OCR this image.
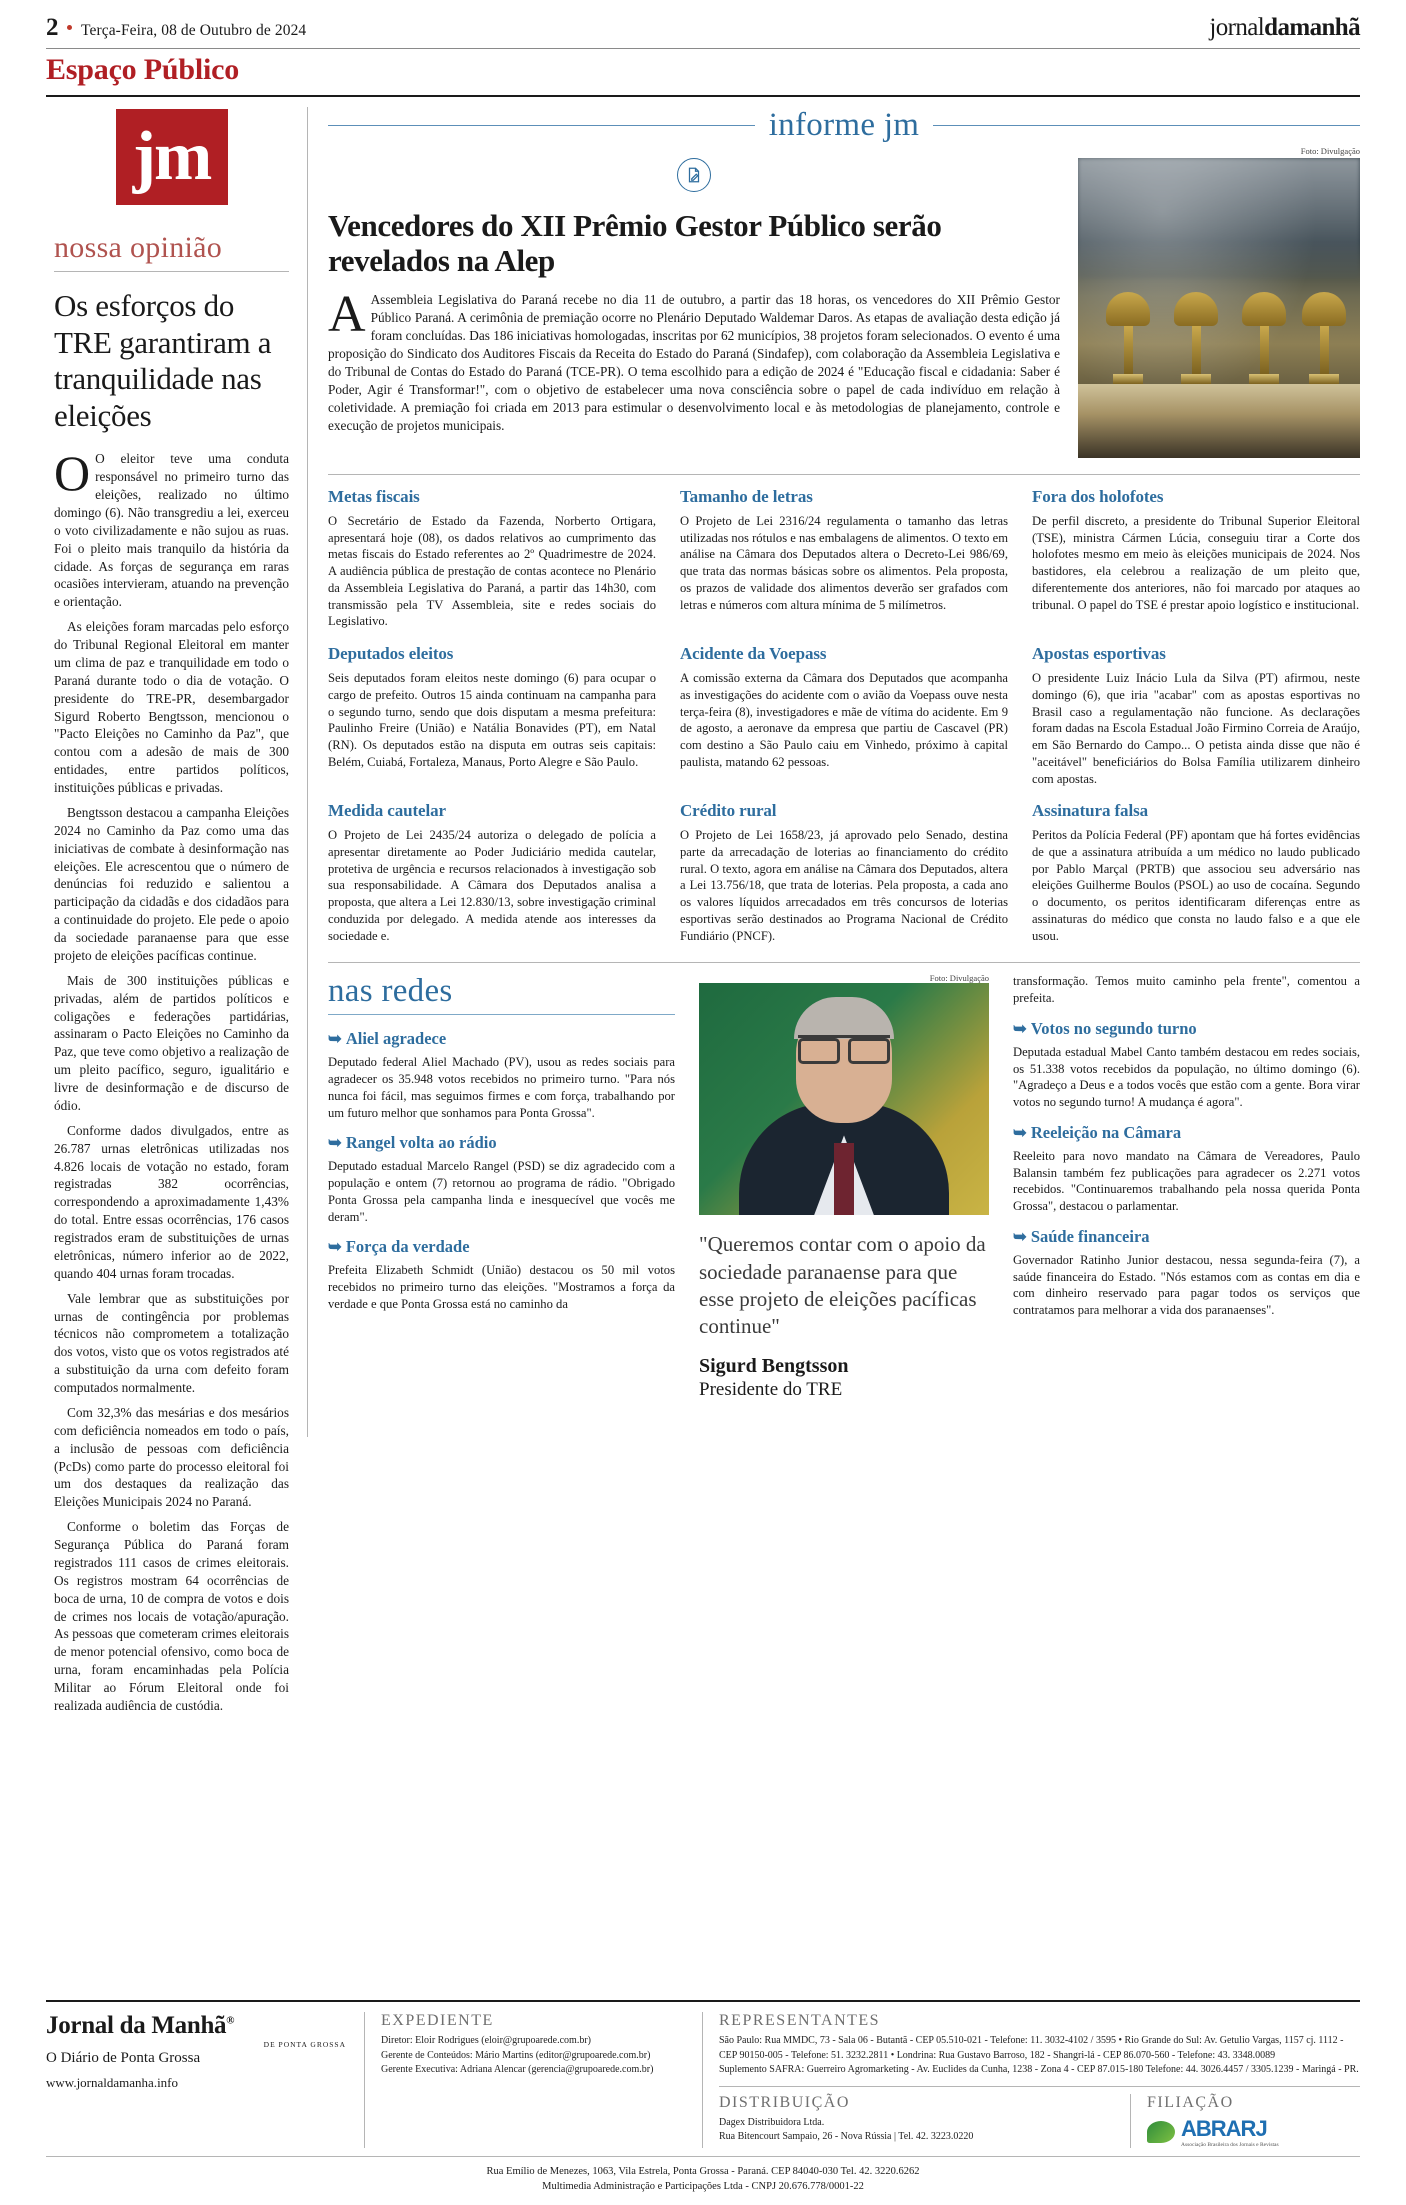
2 Terça-Feira, 08 de Outubro de 2024	jornaldamanhã
Espaço Público
jm
nossa opinião
Os esforços do TRE garantiram a tranquilidade nas eleições

O O eleitor teve uma conduta responsável no primeiro turno das eleições, realizado no último domingo (6). Não transgrediu a lei, exerceu o voto civilizadamente e não sujou as ruas. Foi o pleito mais tranquilo da história da cidade. As forças de segurança em raras ocasiões intervieram, atuando na prevenção e orientação.

As eleições foram marcadas pelo esforço do Tribunal Regional Eleitoral em manter um clima de paz e tranquilidade em todo o Paraná durante todo o dia de votação. O presidente do TRE-PR, desembargador Sigurd Roberto Bengtsson, mencionou o "Pacto Eleições no Caminho da Paz", que contou com a adesão de mais de 300 entidades, entre partidos políticos, instituições públicas e privadas.

Bengtsson destacou a campanha Eleições 2024 no Caminho da Paz como uma das iniciativas de combate à desinformação nas eleições. Ele acrescentou que o número de denúncias foi reduzido e salientou a participação da cidadãs e dos cidadãos para a continuidade do projeto. Ele pede o apoio da sociedade paranaense para que esse projeto de eleições pacíficas continue.

Mais de 300 instituições públicas e privadas, além de partidos políticos e coligações e federações partidárias, assinaram o Pacto Eleições no Caminho da Paz, que teve como objetivo a realização de um pleito pacífico, seguro, igualitário e livre de desinformação e de discurso de ódio.

Conforme dados divulgados, entre as 26.787 urnas eletrônicas utilizadas nos 4.826 locais de votação no estado, foram registradas 382 ocorrências, correspondendo a aproximadamente 1,43% do total. Entre essas ocorrências, 176 casos registrados eram de substituições de urnas eletrônicas, número inferior ao de 2022, quando 404 urnas foram trocadas.

Vale lembrar que as substituições por urnas de contingência por problemas técnicos não comprometem a totalização dos votos, visto que os votos registrados até a substituição da urna com defeito foram computados normalmente.

Com 32,3% das mesárias e dos mesários com deficiência nomeados em todo o país, a inclusão de pessoas com deficiência (PcDs) como parte do processo eleitoral foi um dos destaques da realização das Eleições Municipais 2024 no Paraná.

Conforme o boletim das Forças de Segurança Pública do Paraná foram registrados 111 casos de crimes eleitorais. Os registros mostram 64 ocorrências de boca de urna, 10 de compra de votos e dois de crimes nos locais de votação/apuração. As pessoas que cometeram crimes eleitorais de menor potencial ofensivo, como boca de urna, foram encaminhadas pela Polícia Militar ao Fórum Eleitoral onde foi realizada audiência de custódia.

informe jm
Vencedores do XII Prêmio Gestor Público serão revelados na Alep
A Assembleia Legislativa do Paraná recebe no dia 11 de outubro, a partir das 18 horas, os vencedores do XII Prêmio Gestor Público Paraná. A cerimônia de premiação ocorre no Plenário Deputado Waldemar Daros. As etapas de avaliação desta edição já foram concluídas. Das 186 iniciativas homologadas, inscritas por 62 municípios, 38 projetos foram selecionados. O evento é uma proposição do Sindicato dos Auditores Fiscais da Receita do Estado do Paraná (Sindafep), com colaboração da Assembleia Legislativa e do Tribunal de Contas do Estado do Paraná (TCE-PR). O tema escolhido para a edição de 2024 é "Educação fiscal e cidadania: Saber é Poder, Agir é Transformar!", com o objetivo de estabelecer uma nova consciência sobre o papel de cada indivíduo em relação à coletividade. A premiação foi criada em 2013 para estimular o desenvolvimento local e às metodologias de planejamento, controle e execução de projetos municipais.
Foto: Divulgação
Metas fiscais

O Secretário de Estado da Fazenda, Norberto Ortigara, apresentará hoje (08), os dados relativos ao cumprimento das metas fiscais do Estado referentes ao 2º Quadrimestre de 2024. A audiência pública de prestação de contas acontece no Plenário da Assembleia Legislativa do Paraná, a partir das 14h30, com transmissão pela TV Assembleia, site e redes sociais do Legislativo.

Tamanho de letras

O Projeto de Lei 2316/24 regulamenta o tamanho das letras utilizadas nos rótulos e nas embalagens de alimentos. O texto em análise na Câmara dos Deputados altera o Decreto-Lei 986/69, que trata das normas básicas sobre os alimentos. Pela proposta, os prazos de validade dos alimentos deverão ser grafados com letras e números com altura mínima de 5 milímetros.

Fora dos holofotes

De perfil discreto, a presidente do Tribunal Superior Eleitoral (TSE), ministra Cármen Lúcia, conseguiu tirar a Corte dos holofotes mesmo em meio às eleições municipais de 2024. Nos bastidores, ela celebrou a realização de um pleito que, diferentemente dos anteriores, não foi marcado por ataques ao tribunal. O papel do TSE é prestar apoio logístico e institucional.

Deputados eleitos

Seis deputados foram eleitos neste domingo (6) para ocupar o cargo de prefeito. Outros 15 ainda continuam na campanha para o segundo turno, sendo que dois disputam a mesma prefeitura: Paulinho Freire (União) e Natália Bonavides (PT), em Natal (RN). Os deputados estão na disputa em outras seis capitais: Belém, Cuiabá, Fortaleza, Manaus, Porto Alegre e São Paulo.

Acidente da Voepass

A comissão externa da Câmara dos Deputados que acompanha as investigações do acidente com o avião da Voepass ouve nesta terça-feira (8), investigadores e mãe de vítima do acidente. Em 9 de agosto, a aeronave da empresa que partiu de Cascavel (PR) com destino a São Paulo caiu em Vinhedo, próximo à capital paulista, matando 62 pessoas.

Apostas esportivas

O presidente Luiz Inácio Lula da Silva (PT) afirmou, neste domingo (6), que iria "acabar" com as apostas esportivas no Brasil caso a regulamentação não funcione. As declarações foram dadas na Escola Estadual João Firmino Correia de Araújo, em São Bernardo do Campo... O petista ainda disse que não é "aceitável" beneficiários do Bolsa Família utilizarem dinheiro com apostas.

Medida cautelar

O Projeto de Lei 2435/24 autoriza o delegado de polícia a apresentar diretamente ao Poder Judiciário medida cautelar, protetiva de urgência e recursos relacionados à investigação sob sua responsabilidade. A Câmara dos Deputados analisa a proposta, que altera a Lei 12.830/13, sobre investigação criminal conduzida por delegado. A medida atende aos interesses da sociedade e.

Crédito rural

O Projeto de Lei 1658/23, já aprovado pelo Senado, destina parte da arrecadação de loterias ao financiamento do crédito rural. O texto, agora em análise na Câmara dos Deputados, altera a Lei 13.756/18, que trata de loterias. Pela proposta, a cada ano os valores líquidos arrecadados em três concursos de loterias esportivas serão destinados ao Programa Nacional de Crédito Fundiário (PNCF).

Assinatura falsa

Peritos da Polícia Federal (PF) apontam que há fortes evidências de que a assinatura atribuída a um médico no laudo publicado por Pablo Marçal (PRTB) que associou seu adversário nas eleições Guilherme Boulos (PSOL) ao uso de cocaína. Segundo o documento, os peritos identificaram diferenças entre as assinaturas do médico que consta no laudo falso e a que ele usou.

nas redes
➥ Aliel agradece

Deputado federal Aliel Machado (PV), usou as redes sociais para agradecer os 35.948 votos recebidos no primeiro turno. "Para nós nunca foi fácil, mas seguimos firmes e com força, trabalhando por um futuro melhor que sonhamos para Ponta Grossa".

➥ Rangel volta ao rádio

Deputado estadual Marcelo Rangel (PSD) se diz agradecido com a população e ontem (7) retornou ao programa de rádio. "Obrigado Ponta Grossa pela campanha linda e inesquecível que vocês me deram".

➥ Força da verdade

Prefeita Elizabeth Schmidt (União) destacou os 50 mil votos recebidos no primeiro turno das eleições. "Mostramos a força da verdade e que Ponta Grossa está no caminho da

Foto: Divulgação
"Queremos contar com o apoio da sociedade paranaense para que esse projeto de eleições pacíficas continue"
Sigurd Bengtsson
Presidente do TRE

transformação. Temos muito caminho pela frente", comentou a prefeita.

➥ Votos no segundo turno

Deputada estadual Mabel Canto também destacou em redes sociais, os 51.338 votos recebidos da população, no último domingo (6). "Agradeço a Deus e a todos vocês que estão com a gente. Bora virar votos no segundo turno! A mudança é agora".

➥ Reeleição na Câmara

Reeleito para novo mandato na Câmara de Vereadores, Paulo Balansin também fez publicações para agradecer os 2.271 votos recebidos. "Continuaremos trabalhando pela nossa querida Ponta Grossa", destacou o parlamentar.

➥ Saúde financeira

Governador Ratinho Junior destacou, nessa segunda-feira (7), a saúde financeira do Estado. "Nós estamos com as contas em dia e com dinheiro reservado para pagar todos os serviços que contratamos para melhorar a vida dos paranaenses".

Jornal da Manhã®
DE PONTA GROSSA
O Diário de Ponta Grossa
www.jornaldamanha.info
EXPEDIENTE
Diretor: Eloir Rodrigues (eloir@grupoarede.com.br)
Gerente de Conteúdos: Mário Martins (editor@grupoarede.com.br)
Gerente Executiva: Adriana Alencar (gerencia@grupoarede.com.br)
REPRESENTANTES
São Paulo: Rua MMDC, 73 - Sala 06 - Butantã - CEP 05.510-021 - Telefone: 11. 3032-4102 / 3595 • Rio Grande do Sul: Av. Getulio Vargas, 1157 cj. 1112 - CEP 90150-005 - Telefone: 51. 3232.2811 • Londrina: Rua Gustavo Barroso, 182 - Shangri-lá - CEP 86.070-560 - Telefone: 43. 3348.0089
Suplemento SAFRA: Guerreiro Agromarketing - Av. Euclides da Cunha, 1238 - Zona 4 - CEP 87.015-180 Telefone: 44. 3026.4457 / 3305.1239 - Maringá - PR.
DISTRIBUIÇÃO
Dagex Distribuidora Ltda.
Rua Bitencourt Sampaio, 26 - Nova Rússia | Tel. 42. 3223.0220
FILIAÇÃO
ABRARJ
Associação Brasileira dos Jornais e Revistas
Rua Emílio de Menezes, 1063, Vila Estrela, Ponta Grossa - Paraná. CEP 84040-030 Tel. 42. 3220.6262
Multimedia Administração e Participações Ltda - CNPJ 20.676.778/0001-22
